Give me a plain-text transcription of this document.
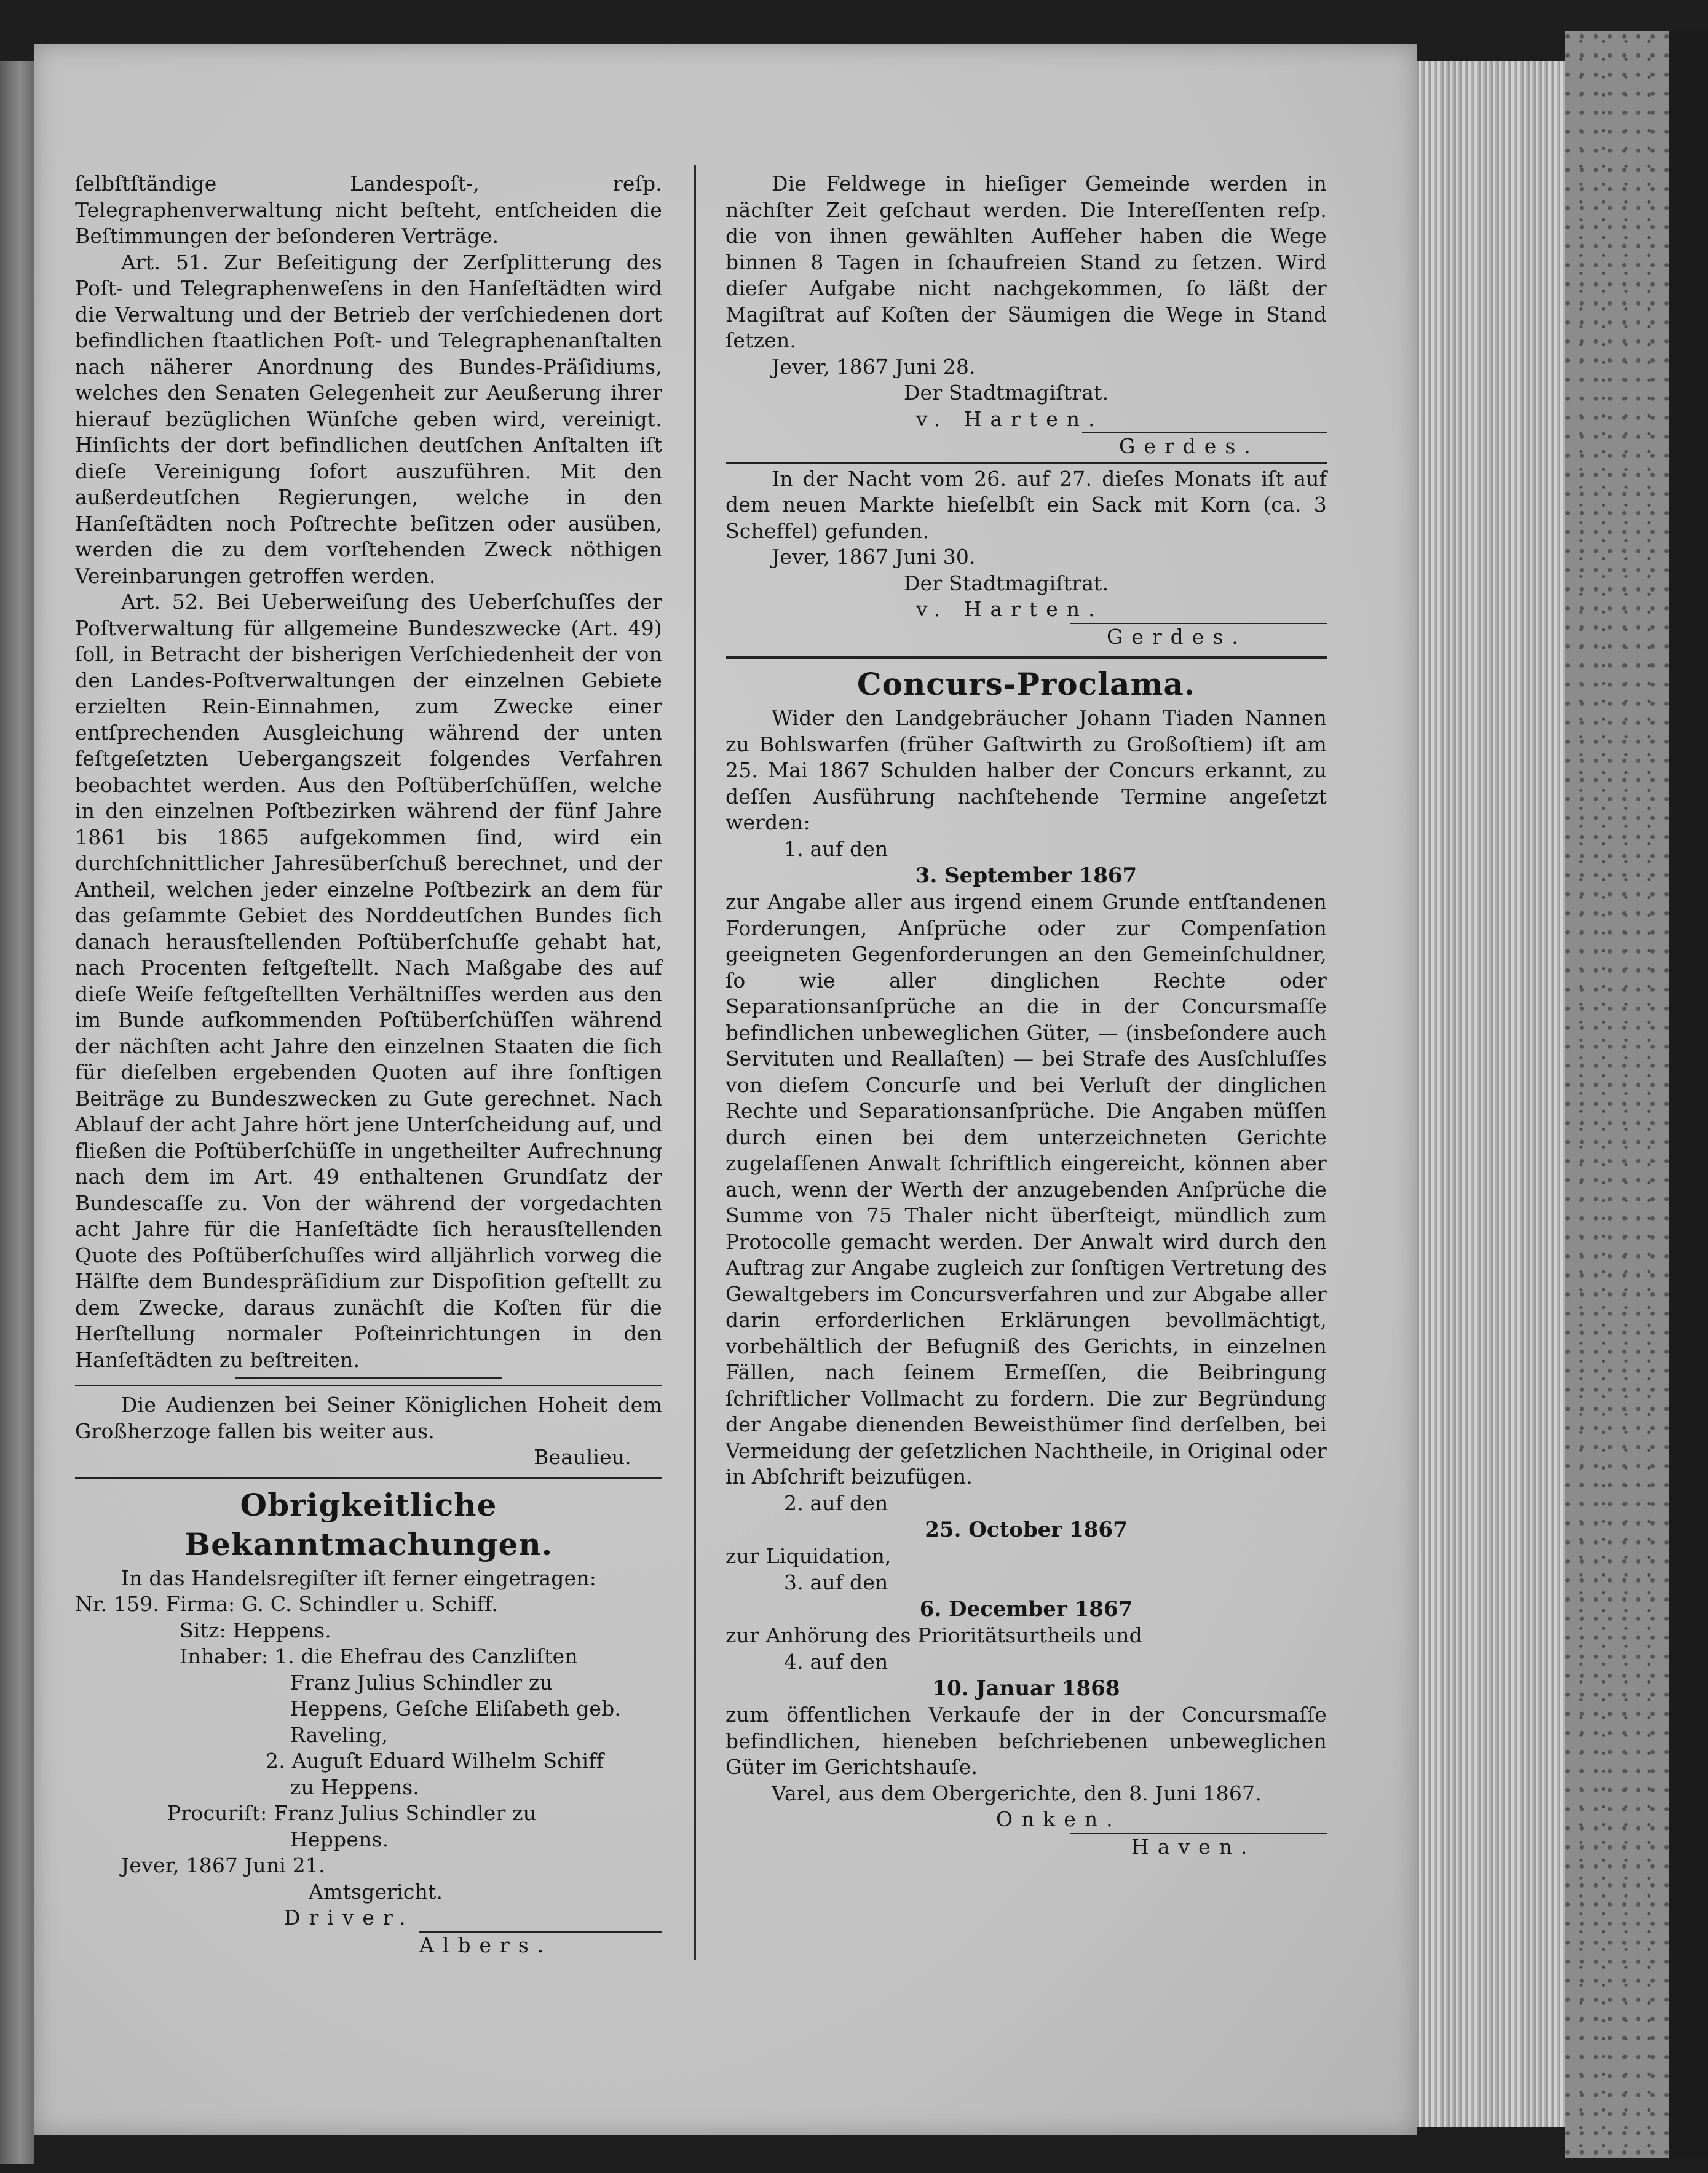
ſelbſtſtändige Landespoſt-, reſp. Telegraphenverwaltung nicht beſteht, entſcheiden die Beſtimmungen der beſonderen Verträge.

Art. 51. Zur Beſeitigung der Zerſplitterung des Poſt- und Telegraphenweſens in den Hanſeſtädten wird die Verwaltung und der Betrieb der verſchiedenen dort befindlichen ſtaatlichen Poſt- und Telegraphenanſtalten nach näherer Anordnung des Bundes-Präſidiums, welches den Senaten Gelegenheit zur Aeußerung ihrer hierauf bezüglichen Wünſche geben wird, vereinigt. Hinſichts der dort befindlichen deutſchen Anſtalten iſt dieſe Vereinigung ſofort auszuführen. Mit den außerdeutſchen Regierungen, welche in den Hanſeſtädten noch Poſtrechte beſitzen oder ausüben, werden die zu dem vorſtehenden Zweck nöthigen Vereinbarungen getroffen werden.

Art. 52. Bei Ueberweiſung des Ueberſchuſſes der Poſtverwaltung für allgemeine Bundeszwecke (Art. 49) ſoll, in Betracht der bisherigen Verſchiedenheit der von den Landes-Poſtverwaltungen der einzelnen Gebiete erzielten Rein-Einnahmen, zum Zwecke einer entſprechenden Ausgleichung während der unten feſtgeſetzten Uebergangszeit folgendes Verfahren beobachtet werden. Aus den Poſtüberſchüſſen, welche in den einzelnen Poſtbezirken während der fünf Jahre 1861 bis 1865 aufgekommen ſind, wird ein durchſchnittlicher Jahresüberſchuß berechnet, und der Antheil, welchen jeder einzelne Poſtbezirk an dem für das geſammte Gebiet des Norddeutſchen Bundes ſich danach herausſtellenden Poſtüberſchuſſe gehabt hat, nach Procenten feſtgeſtellt. Nach Maßgabe des auf dieſe Weiſe feſtgeſtellten Verhältniſſes werden aus den im Bunde aufkommenden Poſtüberſchüſſen während der nächſten acht Jahre den einzelnen Staaten die ſich für dieſelben ergebenden Quoten auf ihre ſonſtigen Beiträge zu Bundeszwecken zu Gute gerechnet. Nach Ablauf der acht Jahre hört jene Unterſcheidung auf, und fließen die Poſtüberſchüſſe in ungetheilter Aufrechnung nach dem im Art. 49 enthaltenen Grundſatz der Bundescaſſe zu. Von der während der vorgedachten acht Jahre für die Hanſeſtädte ſich herausſtellenden Quote des Poſtüberſchuſſes wird alljährlich vorweg die Hälfte dem Bundespräſidium zur Dispoſition geſtellt zu dem Zwecke, daraus zunächſt die Koſten für die Herſtellung normaler Poſteinrichtungen in den Hanſeſtädten zu beſtreiten.

Die Audienzen bei Seiner Königlichen Hoheit dem Großherzoge fallen bis weiter aus.

Beaulieu.

Obrigkeitliche Bekanntmachungen.

In das Handelsregiſter iſt ferner eingetragen:

Nr. 159. Firma: G. C. Schindler u. Schiff.

Sitz: Heppens.

Inhaber: 1. die Ehefrau des Canzliſten

Franz Julius Schindler zu

Heppens, Geſche Eliſabeth geb.

Raveling,

2. Auguſt Eduard Wilhelm Schiff

zu Heppens.

Procuriſt: Franz Julius Schindler zu

Heppens.

Jever, 1867 Juni 21.

Amtsgericht.

Driver.

Albers.

Die Feldwege in hieſiger Gemeinde werden in nächſter Zeit geſchaut werden. Die Intereſſenten reſp. die von ihnen gewählten Aufſeher haben die Wege binnen 8 Tagen in ſchaufreien Stand zu ſetzen. Wird dieſer Aufgabe nicht nachgekommen, ſo läßt der Magiſtrat auf Koſten der Säumigen die Wege in Stand ſetzen.

Jever, 1867 Juni 28.

Der Stadtmagiſtrat.

v. Harten.

Gerdes.

In der Nacht vom 26. auf 27. dieſes Monats iſt auf dem neuen Markte hieſelbſt ein Sack mit Korn (ca. 3 Scheffel) gefunden.

Jever, 1867 Juni 30.

Der Stadtmagiſtrat.

v. Harten.

Gerdes.

Concurs-Proclama.

Wider den Landgebräucher Johann Tiaden Nannen zu Bohlswarfen (früher Gaſtwirth zu Großoſtiem) iſt am 25. Mai 1867 Schulden halber der Concurs erkannt, zu deſſen Ausführung nachſtehende Termine angeſetzt werden:

1. auf den

3. September 1867

zur Angabe aller aus irgend einem Grunde entſtandenen Forderungen, Anſprüche oder zur Compenſation geeigneten Gegenforderungen an den Gemeinſchuldner, ſo wie aller dinglichen Rechte oder Separationsanſprüche an die in der Concursmaſſe befindlichen unbeweglichen Güter, — (insbeſondere auch Servituten und Reallaſten) — bei Strafe des Ausſchluſſes von dieſem Concurſe und bei Verluſt der dinglichen Rechte und Separationsanſprüche. Die Angaben müſſen durch einen bei dem unterzeichneten Gerichte zugelaſſenen Anwalt ſchriftlich eingereicht, können aber auch, wenn der Werth der anzugebenden Anſprüche die Summe von 75 Thaler nicht überſteigt, mündlich zum Protocolle gemacht werden. Der Anwalt wird durch den Auftrag zur Angabe zugleich zur ſonſtigen Vertretung des Gewaltgebers im Concursverfahren und zur Abgabe aller darin erforderlichen Erklärungen bevollmächtigt, vorbehältlich der Befugniß des Gerichts, in einzelnen Fällen, nach ſeinem Ermeſſen, die Beibringung ſchriftlicher Vollmacht zu fordern. Die zur Begründung der Angabe dienenden Beweisthümer ſind derſelben, bei Vermeidung der geſetzlichen Nachtheile, in Original oder in Abſchrift beizufügen.

2. auf den

25. October 1867

zur Liquidation,

3. auf den

6. December 1867

zur Anhörung des Prioritätsurtheils und

4. auf den

10. Januar 1868

zum öffentlichen Verkaufe der in der Concursmaſſe befindlichen, hieneben beſchriebenen unbeweglichen Güter im Gerichtshauſe.

Varel, aus dem Obergerichte, den 8. Juni 1867.

Onken.

Haven.
